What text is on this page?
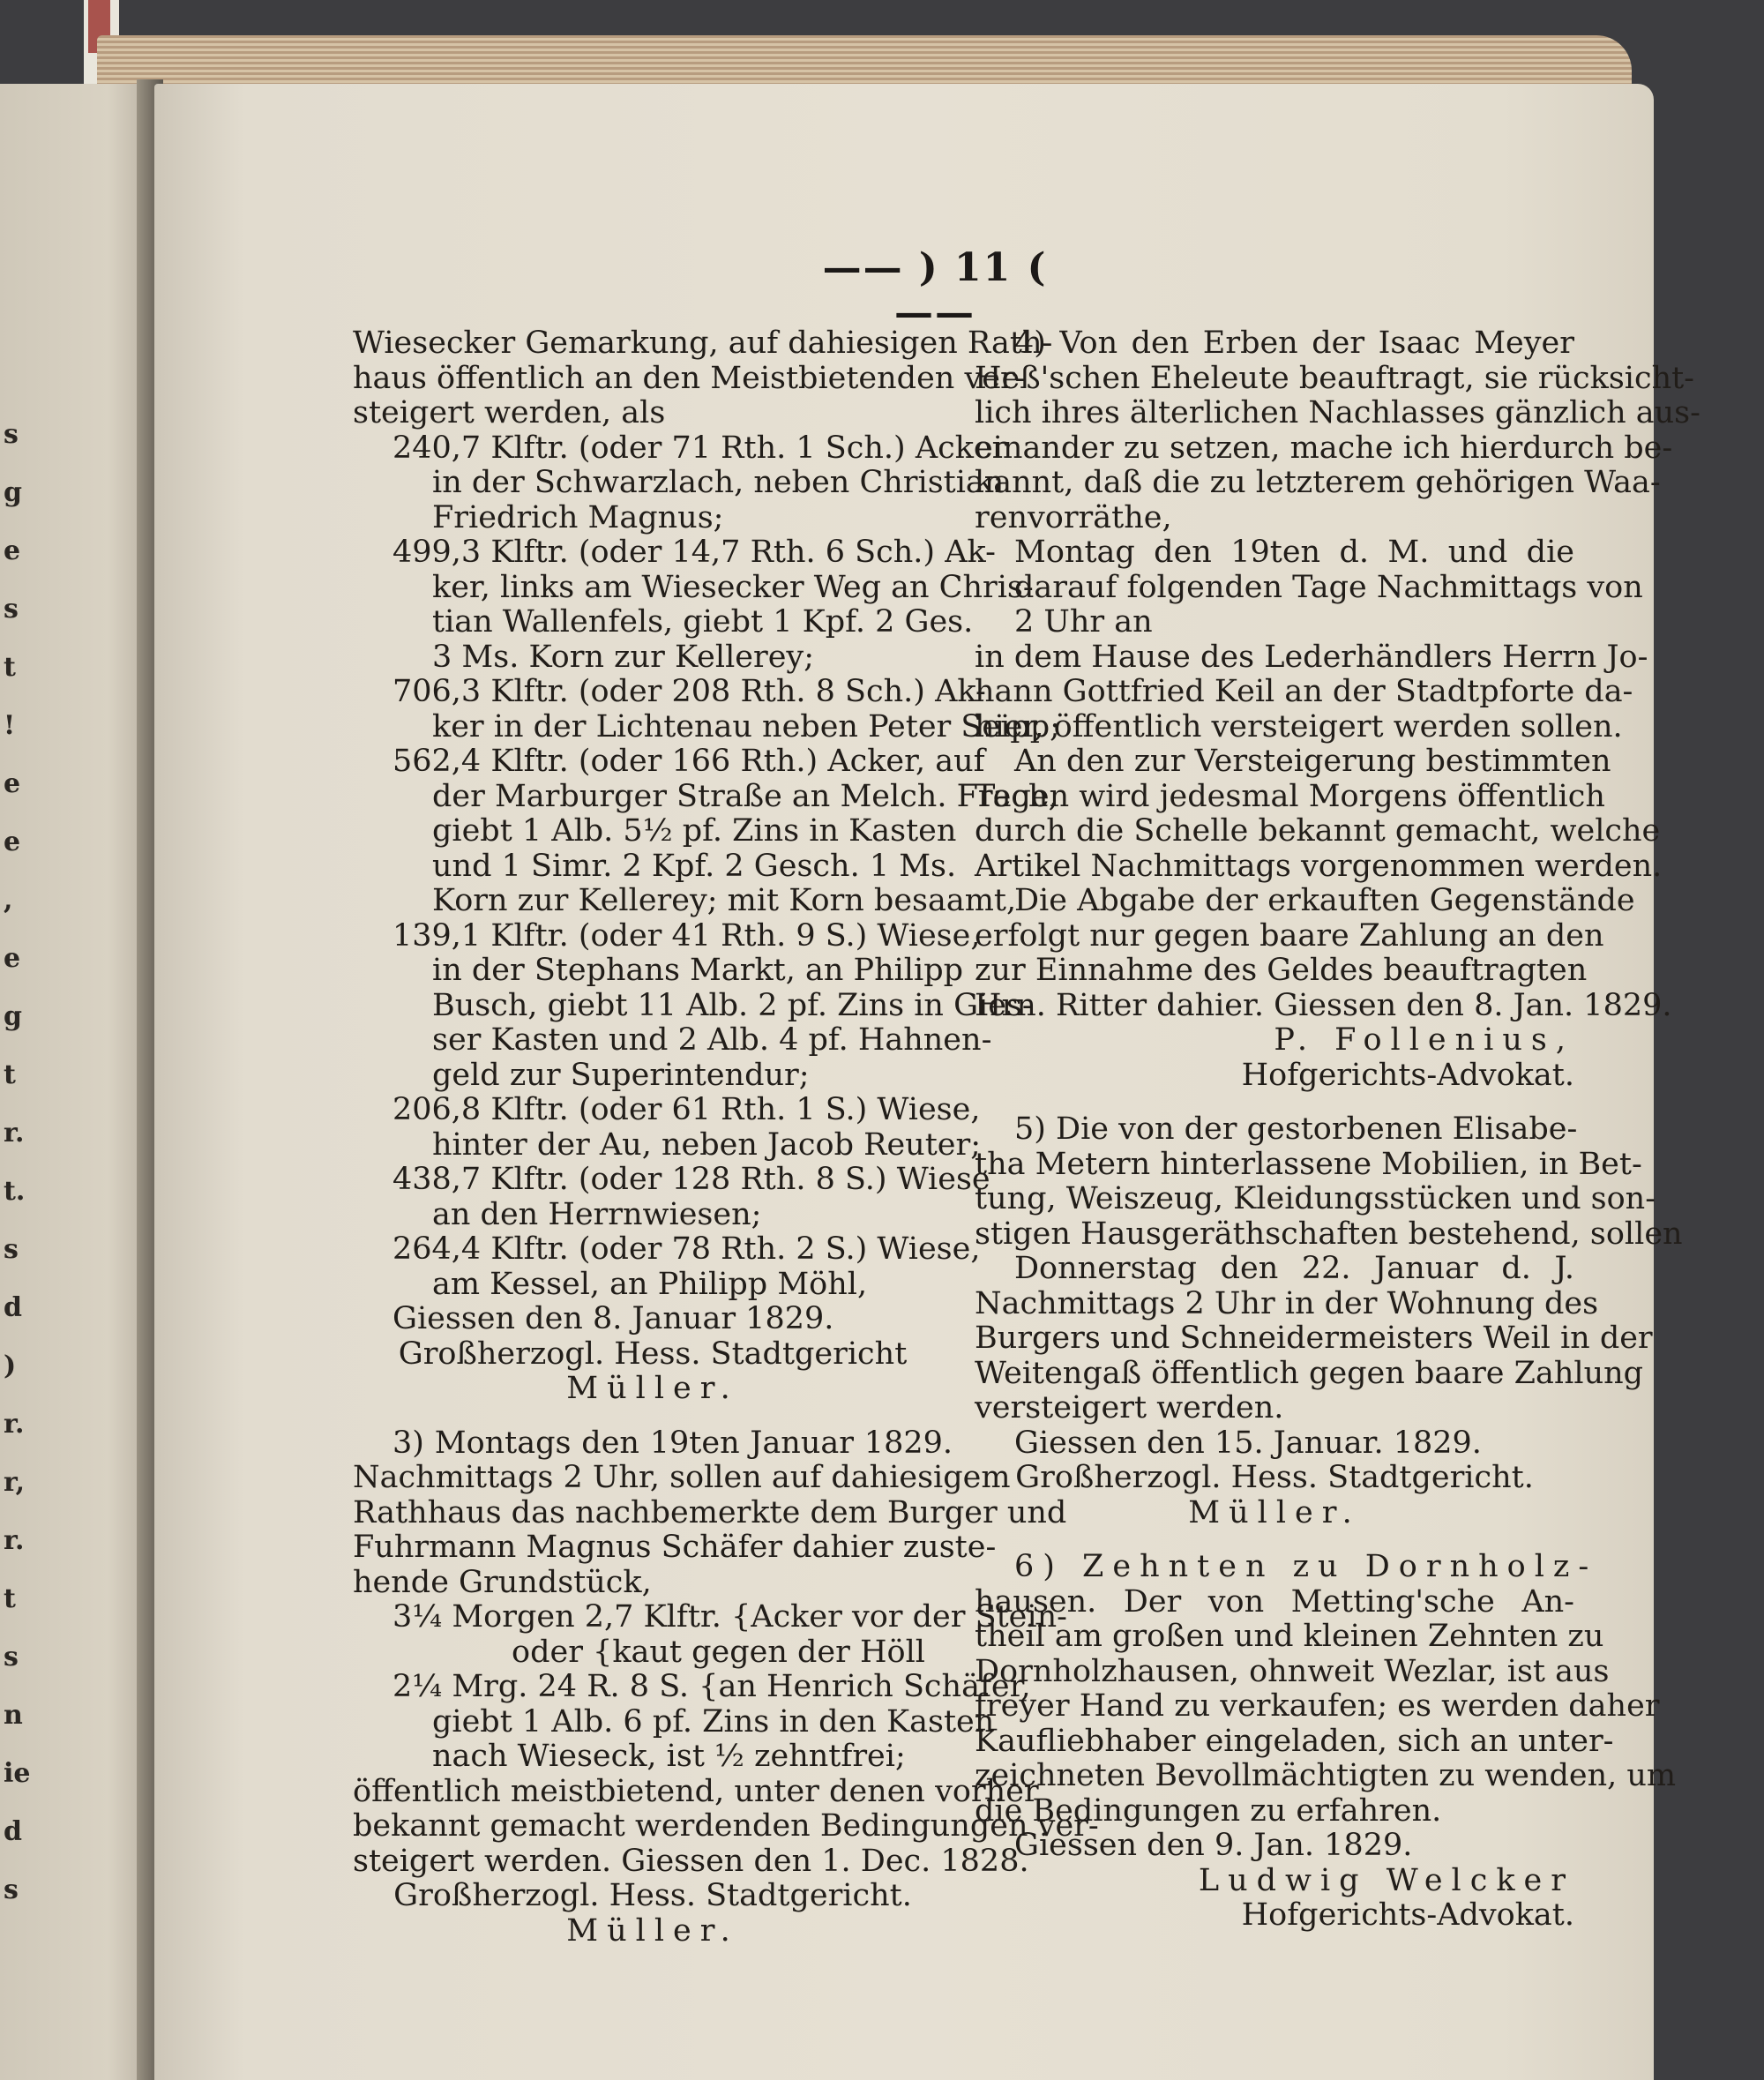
s
g
e
s
t
!
e
e
,
e
g
t
r.
t.
s
d
)
r.
r,
r.
t
s
n
ie
d
s
—— ) 11 ( ——
Wiesecker Gemarkung, auf dahiesigen Rath-
haus öffentlich an den Meistbietenden ver-
steigert werden, als
240,7 Klftr. (oder 71 Rth. 1 Sch.) Acker
in der Schwarzlach, neben Christian
Friedrich Magnus;
499,3 Klftr. (oder 14,7 Rth. 6 Sch.) Ak-
ker, links am Wiesecker Weg an Chris-
tian Wallenfels, giebt 1 Kpf. 2 Ges.
3 Ms. Korn zur Kellerey;
706,3 Klftr. (oder 208 Rth. 8 Sch.) Ak-
ker in der Lichtenau neben Peter Seipp;
562,4 Klftr. (oder 166 Rth.) Acker, auf
der Marburger Straße an Melch. Frech,
giebt 1 Alb. 5½ pf. Zins in Kasten
und 1 Simr. 2 Kpf. 2 Gesch. 1 Ms.
Korn zur Kellerey; mit Korn besaamt,
139,1 Klftr. (oder 41 Rth. 9 S.) Wiese,
in der Stephans Markt, an Philipp
Busch, giebt 11 Alb. 2 pf. Zins in Gies-
ser Kasten und 2 Alb. 4 pf. Hahnen-
geld zur Superintendur;
206,8 Klftr. (oder 61 Rth. 1 S.) Wiese,
hinter der Au, neben Jacob Reuter;
438,7 Klftr. (oder 128 Rth. 8 S.) Wiese
an den Herrnwiesen;
264,4 Klftr. (oder 78 Rth. 2 S.) Wiese,
am Kessel, an Philipp Möhl,
Giessen den 8. Januar 1829.
Großherzogl. Hess. Stadtgericht
Müller.
3) Montags den 19ten Januar 1829.
Nachmittags 2 Uhr, sollen auf dahiesigem
Rathhaus das nachbemerkte dem Burger und
Fuhrmann Magnus Schäfer dahier zuste-
hende Grundstück,
3¼ Morgen 2,7 Klftr. {Acker vor der Stein-
oder {kaut gegen der Höll
2¼ Mrg. 24 R. 8 S. {an Henrich Schäfer,
giebt 1 Alb. 6 pf. Zins in den Kasten
nach Wieseck, ist ½ zehntfrei;
öffentlich meistbietend, unter denen vorher
bekannt gemacht werdenden Bedingungen ver-
steigert werden. Giessen den 1. Dec. 1828.
Großherzogl. Hess. Stadtgericht.
Müller.
4) Von den Erben der Isaac Meyer
Heß'schen Eheleute beauftragt, sie rücksicht-
lich ihres älterlichen Nachlasses gänzlich aus-
einander zu setzen, mache ich hierdurch be-
kannt, daß die zu letzterem gehörigen Waa-
renvorräthe,
Montag den 19ten d. M. und die
darauf folgenden Tage Nachmittags von
2 Uhr an
in dem Hause des Lederhändlers Herrn Jo-
hann Gottfried Keil an der Stadtpforte da-
hier, öffentlich versteigert werden sollen.
An den zur Versteigerung bestimmten
Tagen wird jedesmal Morgens öffentlich
durch die Schelle bekannt gemacht, welche
Artikel Nachmittags vorgenommen werden.
Die Abgabe der erkauften Gegenstände
erfolgt nur gegen baare Zahlung an den
zur Einnahme des Geldes beauftragten
Hrn. Ritter dahier. Giessen den 8. Jan. 1829.
P. Follenius,
Hofgerichts-Advokat.
5) Die von der gestorbenen Elisabe-
tha Metern hinterlassene Mobilien, in Bet-
tung, Weiszeug, Kleidungsstücken und son-
stigen Hausgeräthschaften bestehend, sollen
Donnerstag den 22. Januar d. J.
Nachmittags 2 Uhr in der Wohnung des
Burgers und Schneidermeisters Weil in der
Weitengaß öffentlich gegen baare Zahlung
versteigert werden.
Giessen den 15. Januar. 1829.
Großherzogl. Hess. Stadtgericht.
Müller.
6) Zehnten zu Dornholz-
hausen. Der von Metting'sche An-
theil am großen und kleinen Zehnten zu
Dornholzhausen, ohnweit Wezlar, ist aus
freyer Hand zu verkaufen; es werden daher
Kaufliebhaber eingeladen, sich an unter-
zeichneten Bevollmächtigten zu wenden, um
die Bedingungen zu erfahren.
Giessen den 9. Jan. 1829.
Ludwig Welcker
Hofgerichts-Advokat.
